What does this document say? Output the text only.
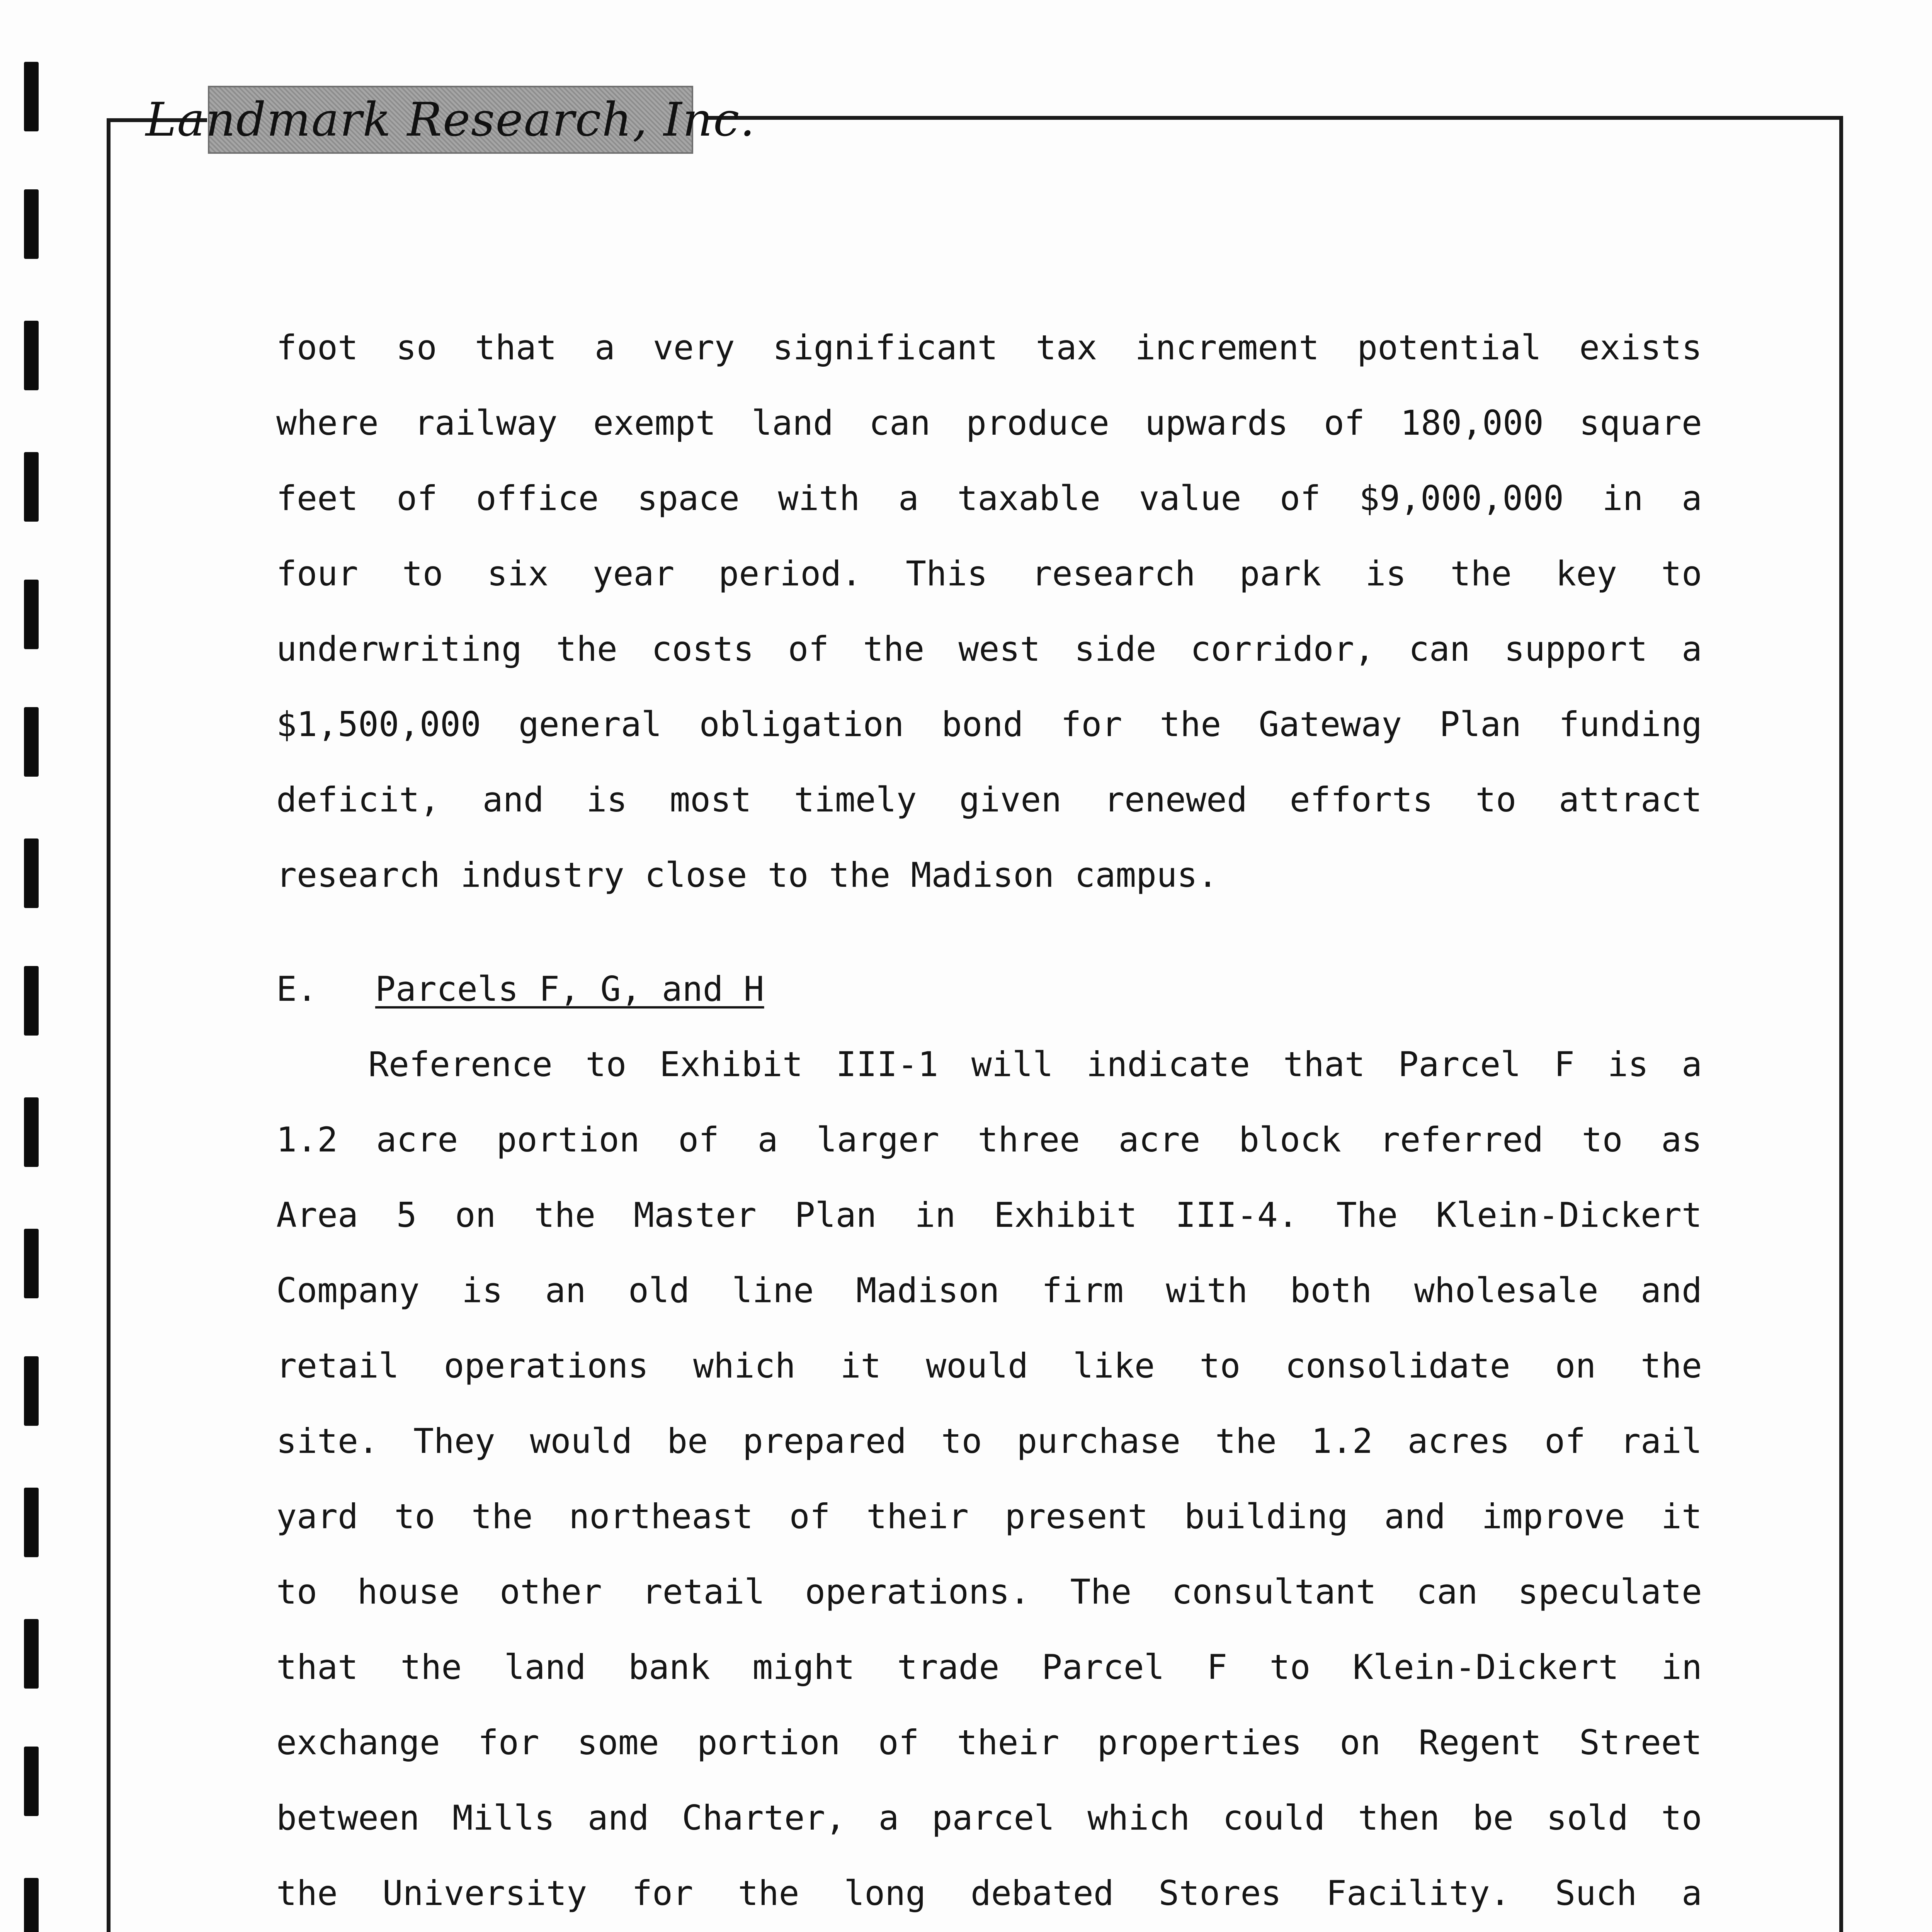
Landmark Research, Inc.
foot so that a very significant tax increment potential exists
where railway exempt land can produce upwards of 180,000 square
feet of office space with a taxable value of $9,000,000 in a
four to six year period. This research park is the key to
underwriting the costs of the west side corridor, can support a
$1,500,000 general obligation bond for the Gateway Plan funding
deficit, and is most timely given renewed efforts to attract
research industry close to the Madison campus.
E. Parcels F, G, and H
Reference to Exhibit III-1 will indicate that Parcel F is a
1.2 acre portion of a larger three acre block referred to as
Area 5 on the Master Plan in Exhibit III-4. The Klein-Dickert
Company is an old line Madison firm with both wholesale and
retail operations which it would like to consolidate on the
site. They would be prepared to purchase the 1.2 acres of rail
yard to the northeast of their present building and improve it
to house other retail operations. The consultant can speculate
that the land bank might trade Parcel F to Klein-Dickert in
exchange for some portion of their properties on Regent Street
between Mills and Charter, a parcel which could then be sold to
the University for the long debated Stores Facility. Such a
